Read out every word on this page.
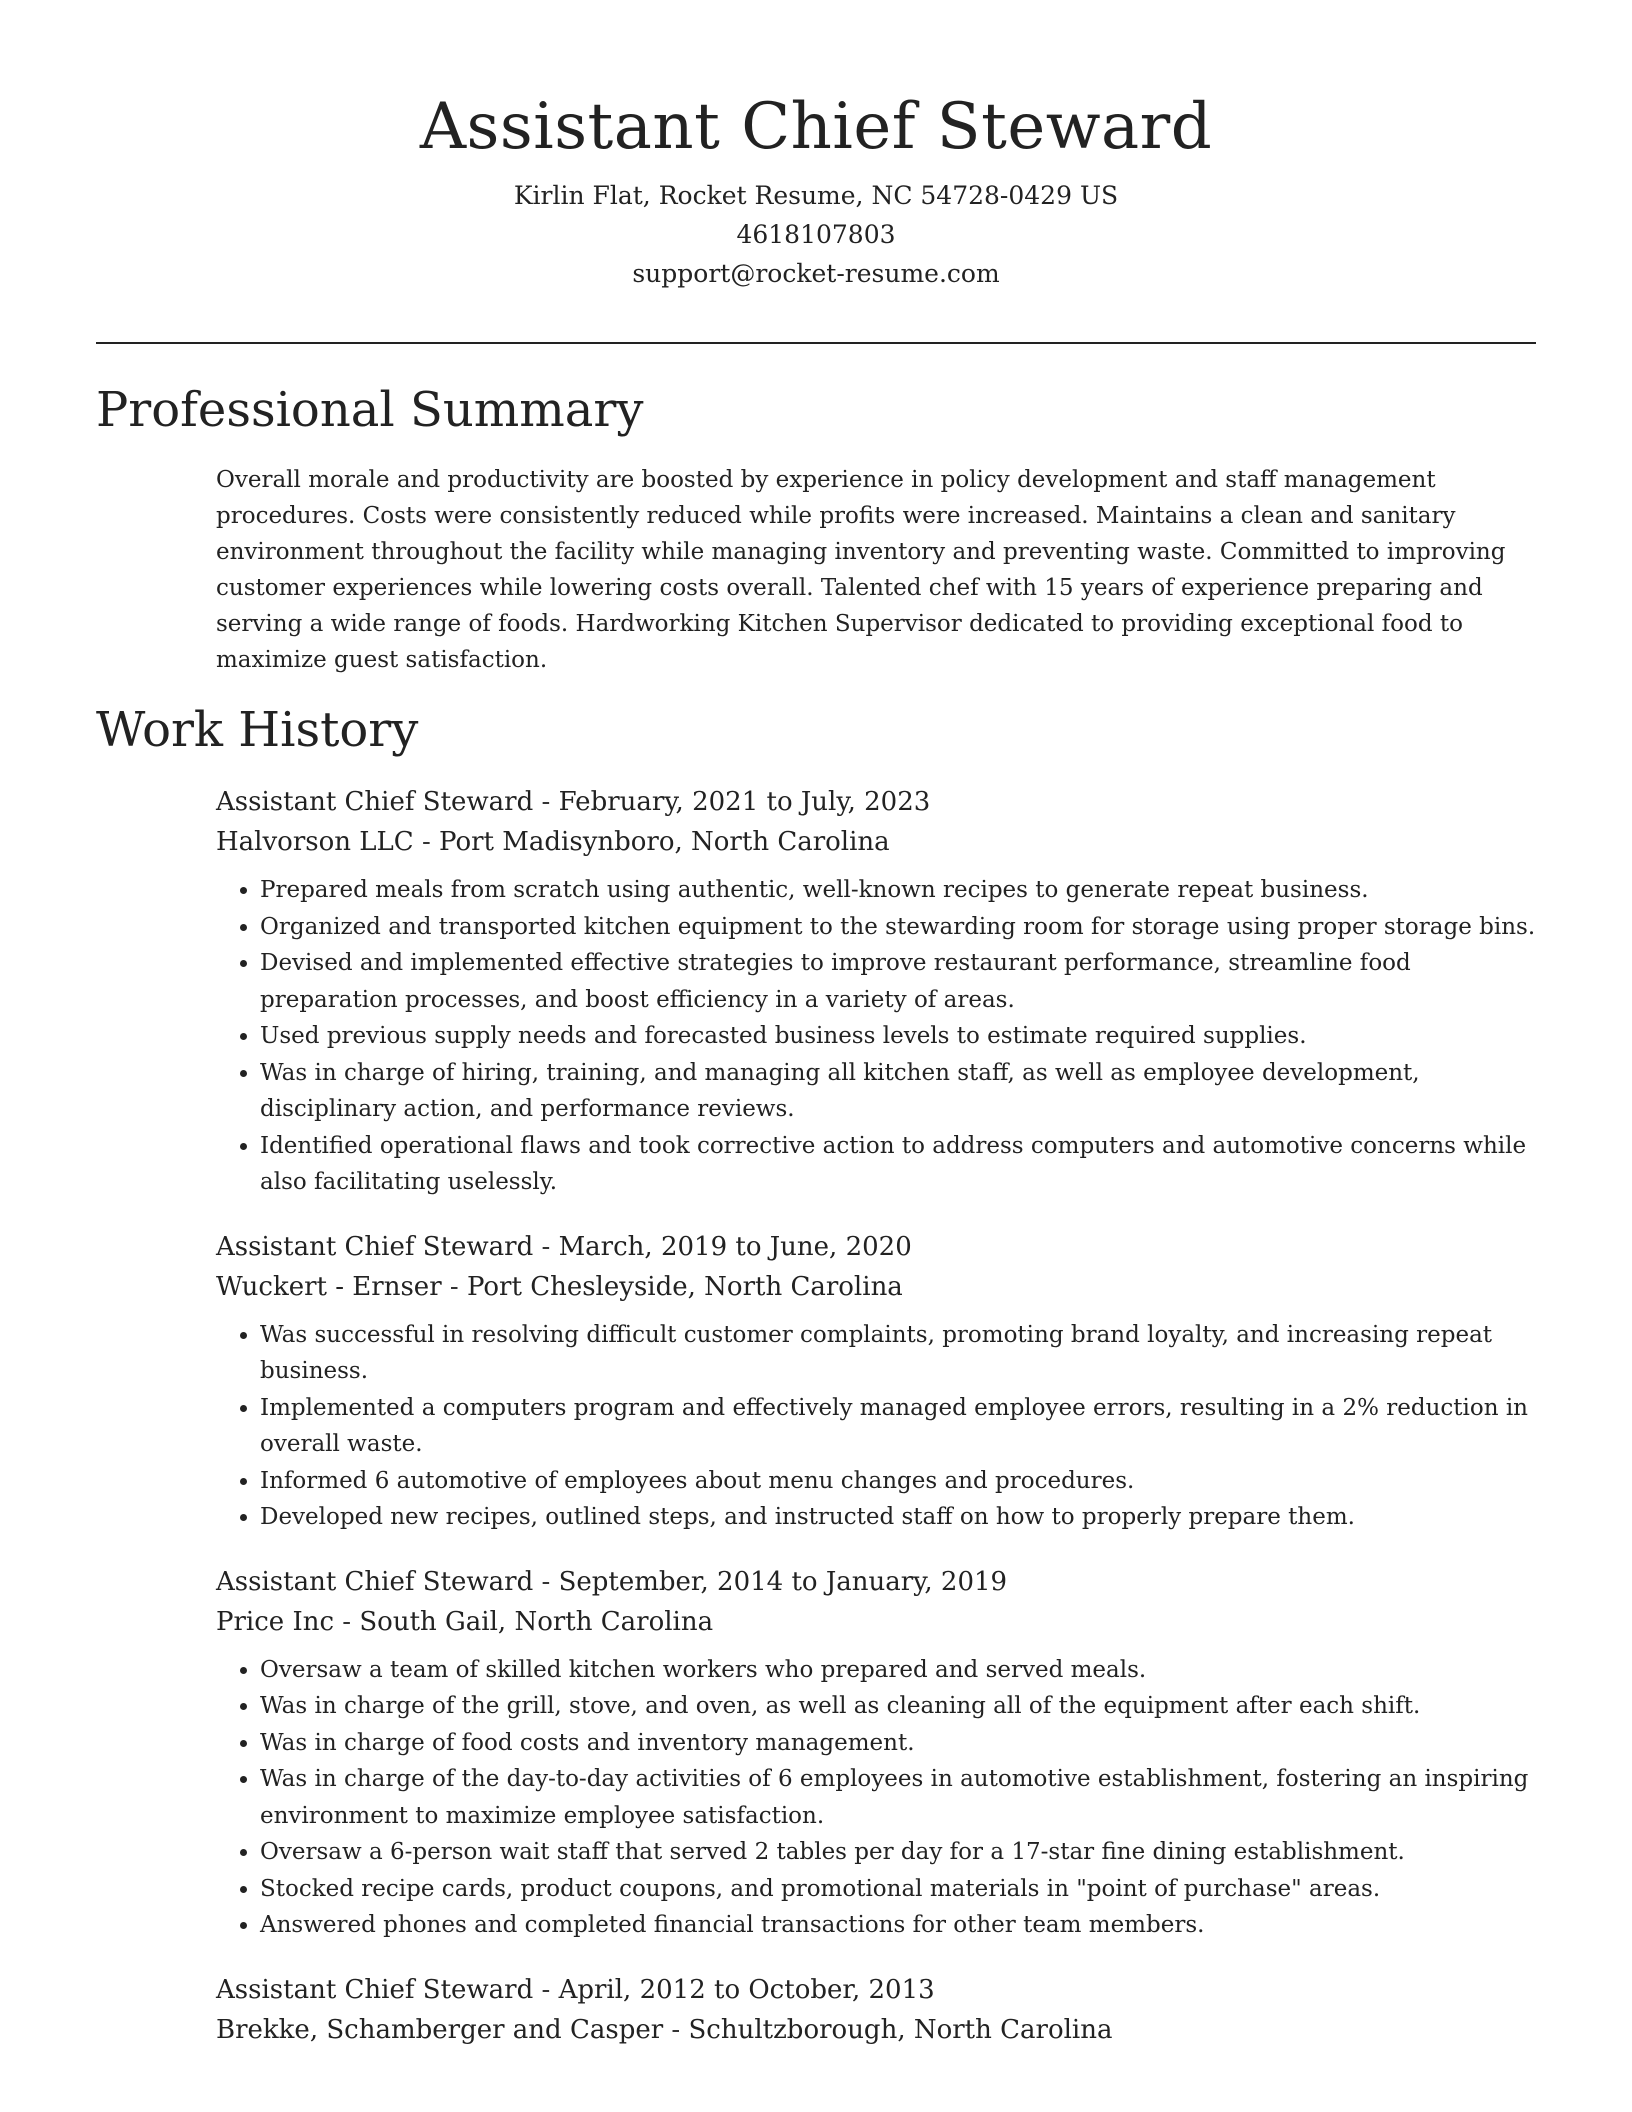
Assistant Chief Steward
Kirlin Flat, Rocket Resume, NC 54728-0429 US
4618107803
support@rocket-resume.com
Professional Summary

Overall morale and productivity are boosted by experience in policy development and staff management procedures. Costs were consistently reduced while profits were increased. Maintains a clean and sanitary environment throughout the facility while managing inventory and preventing waste. Committed to improving customer experiences while lowering costs overall. Talented chef with 15 years of experience preparing and serving a wide range of foods. Hardworking Kitchen Supervisor dedicated to providing exceptional food to maximize guest satisfaction.

Work History
Assistant Chief Steward - February, 2021 to July, 2023
Halvorson LLC - Port Madisynboro, North Carolina
• Prepared meals from scratch using authentic, well-known recipes to generate repeat business.
• Organized and transported kitchen equipment to the stewarding room for storage using proper storage bins.
• Devised and implemented effective strategies to improve restaurant performance, streamline food preparation processes, and boost efficiency in a variety of areas.
• Used previous supply needs and forecasted business levels to estimate required supplies.
• Was in charge of hiring, training, and managing all kitchen staff, as well as employee development, disciplinary action, and performance reviews.
• Identified operational flaws and took corrective action to address computers and automotive concerns while also facilitating uselessly.
Assistant Chief Steward - March, 2019 to June, 2020
Wuckert - Ernser - Port Chesleyside, North Carolina
• Was successful in resolving difficult customer complaints, promoting brand loyalty, and increasing repeat business.
• Implemented a computers program and effectively managed employee errors, resulting in a 2% reduction in overall waste.
• Informed 6 automotive of employees about menu changes and procedures.
• Developed new recipes, outlined steps, and instructed staff on how to properly prepare them.
Assistant Chief Steward - September, 2014 to January, 2019
Price Inc - South Gail, North Carolina
• Oversaw a team of skilled kitchen workers who prepared and served meals.
• Was in charge of the grill, stove, and oven, as well as cleaning all of the equipment after each shift.
• Was in charge of food costs and inventory management.
• Was in charge of the day-to-day activities of 6 employees in automotive establishment, fostering an inspiring environment to maximize employee satisfaction.
• Oversaw a 6-person wait staff that served 2 tables per day for a 17-star fine dining establishment.
• Stocked recipe cards, product coupons, and promotional materials in "point of purchase" areas.
• Answered phones and completed financial transactions for other team members.
Assistant Chief Steward - April, 2012 to October, 2013
Brekke, Schamberger and Casper - Schultzborough, North Carolina
